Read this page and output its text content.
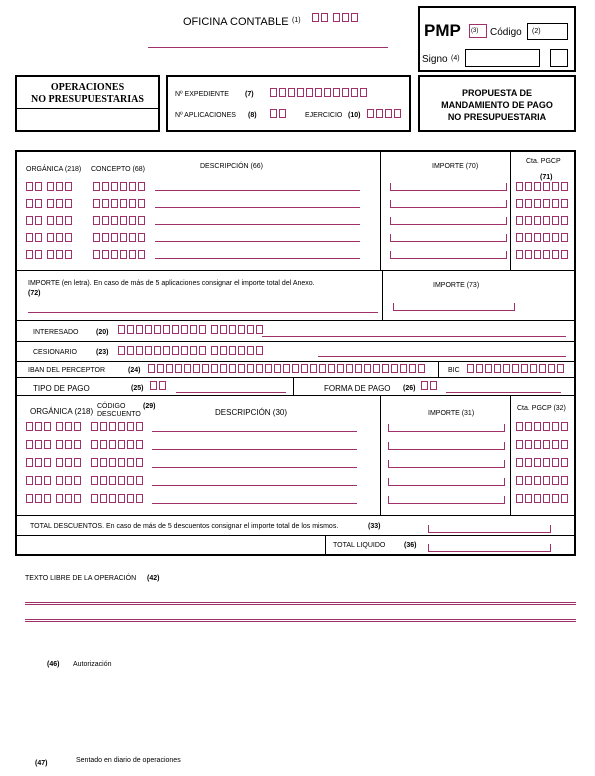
OFICINA CONTABLE (1)
PMP (3) Código (2)
Signo (4)
OPERACIONES
NO PRESUPUESTARIAS	Nº EXPEDIENTE (7)
Nº APLICACIONES (8)	EJERCICIO (10)
PROPUESTA DE
MANDAMIENTO DE PAGO
NO PRESUPUESTARIA
ORGÁNICA (218) CONCEPTO (68)	DESCRIPCIÓN (66)	IMPORTE (70)
Cta. PGCP
(71)
IMPORTE (en letra). En caso de más de 5 aplicaciones consignar el importe total del Anexo.
(72)
IMPORTE (73)
INTERESADO (20)
CESIONARIO	(23)
IBAN DEL PERCEPTOR	(24)	BIC
TIPO DE PAGO	(25)	FORMA DE PAGO (26)
ORGÁNICA (218)
CÓDIGO
DESCUENTO
(29)
DESCRIPCIÓN (30)	IMPORTE (31)
Cta. PGCP (32)
TOTAL DESCUENTOS. En caso de más de 5 descuentos consignar el importe total de los mismos.	(33)
TOTAL LIQUIDO	(36)
TEXTO LIBRE DE LA OPERACIÓN (42)
(46) Autorización
(47)	Sentado en diario de operaciones
